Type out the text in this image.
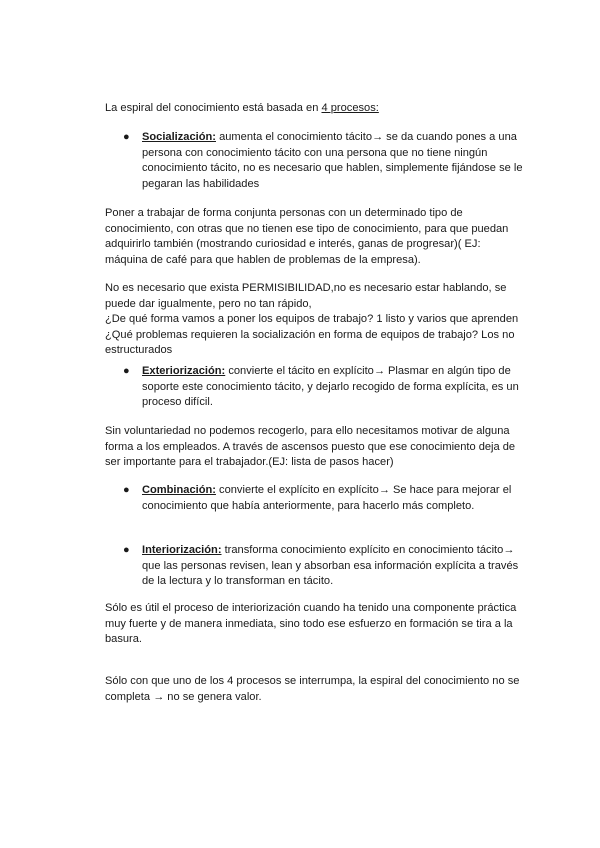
La espiral del conocimiento está basada en 4 procesos:

●	Socialización: aumenta el conocimiento tácito→ se da cuando pones a una persona con conocimiento tácito con una persona que no tiene ningún conocimiento tácito, no es necesario que hablen, simplemente fijándose se le pegaran las habilidades

Poner a trabajar de forma conjunta personas con un determinado tipo de conocimiento, con otras que no tienen ese tipo de conocimiento, para que puedan adquirirlo también (mostrando curiosidad e interés, ganas de progresar)( EJ: máquina de café para que hablen de problemas de la empresa).

No es necesario que exista PERMISIBILIDAD,no es necesario estar hablando, se puede dar igualmente, pero no tan rápido,
¿De qué forma vamos a poner los equipos de trabajo? 1 listo y varios que aprenden ¿Qué problemas requieren la socialización en forma de equipos de trabajo? Los no estructurados
●	Exteriorización: convierte el tácito en explícito→ Plasmar en algún tipo de soporte este conocimiento tácito, y dejarlo recogido de forma explícita, es un proceso difícil.

Sin voluntariedad no podemos recogerlo, para ello necesitamos motivar de alguna forma a los empleados. A través de ascensos puesto que ese conocimiento deja de ser importante para el trabajador.(EJ: lista de pasos hacer)

●	Combinación: convierte el explícito en explícito→ Se hace para mejorar el conocimiento que había anteriormente, para hacerlo más completo.

●	Interiorización: transforma conocimiento explícito en conocimiento tácito→ que las personas revisen, lean y absorban esa información explícita a través de la lectura y lo transforman en tácito.

Sólo es útil el proceso de interiorización cuando ha tenido una componente práctica muy fuerte y de manera inmediata, sino todo ese esfuerzo en formación se tira a la basura.

Sólo con que uno de los 4 procesos se interrumpa, la espiral del conocimiento no se completa → no se genera valor.
